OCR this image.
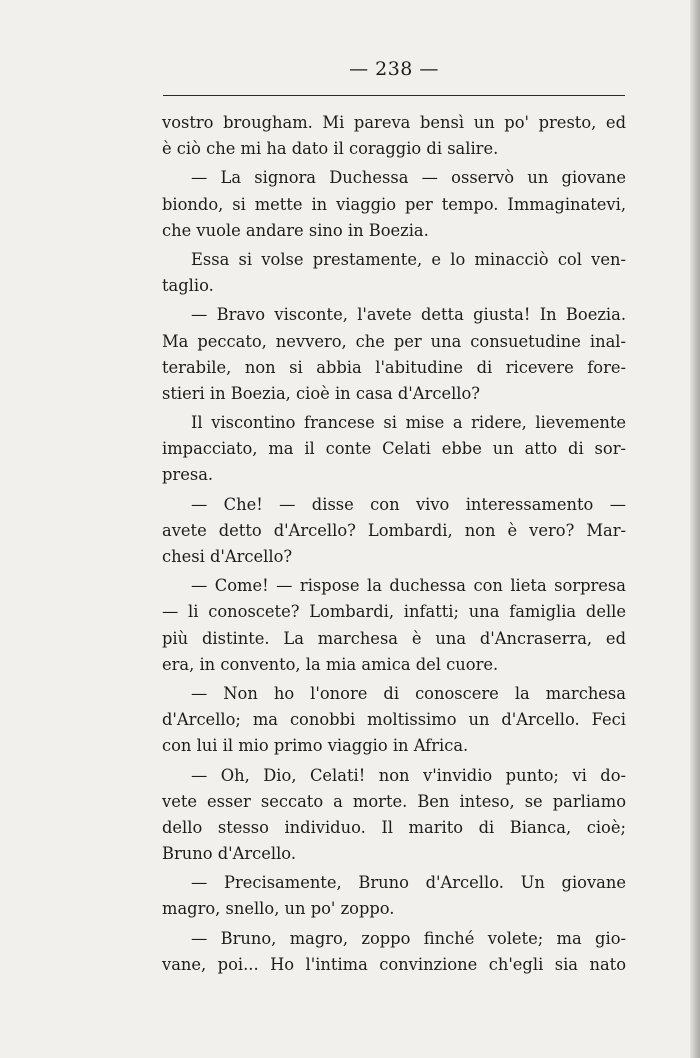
— 238 —
vostro brougham. Mi pareva bensì un po' presto, ed
è ciò che mi ha dato il coraggio di salire.
— La signora Duchessa — osservò un giovane
biondo, si mette in viaggio per tempo. Immaginatevi,
che vuole andare sino in Boezia.
Essa si volse prestamente, e lo minacciò col ven-
taglio.
— Bravo visconte, l'avete detta giusta! In Boezia.
Ma peccato, nevvero, che per una consuetudine inal-
terabile, non si abbia l'abitudine di ricevere fore-
stieri in Boezia, cioè in casa d'Arcello?
Il viscontino francese si mise a ridere, lievemente
impacciato, ma il conte Celati ebbe un atto di sor-
presa.
— Che! — disse con vivo interessamento —
avete detto d'Arcello? Lombardi, non è vero? Mar-
chesi d'Arcello?
— Come! — rispose la duchessa con lieta sorpresa
— li conoscete? Lombardi, infatti; una famiglia delle
più distinte. La marchesa è una d'Ancraserra, ed
era, in convento, la mia amica del cuore.
— Non ho l'onore di conoscere la marchesa
d'Arcello; ma conobbi moltissimo un d'Arcello. Feci
con lui il mio primo viaggio in Africa.
— Oh, Dio, Celati! non v'invidio punto; vi do-
vete esser seccato a morte. Ben inteso, se parliamo
dello stesso individuo. Il marito di Bianca, cioè;
Bruno d'Arcello.
— Precisamente, Bruno d'Arcello. Un giovane
magro, snello, un po' zoppo.
— Bruno, magro, zoppo finché volete; ma gio-
vane, poi... Ho l'intima convinzione ch'egli sia nato
